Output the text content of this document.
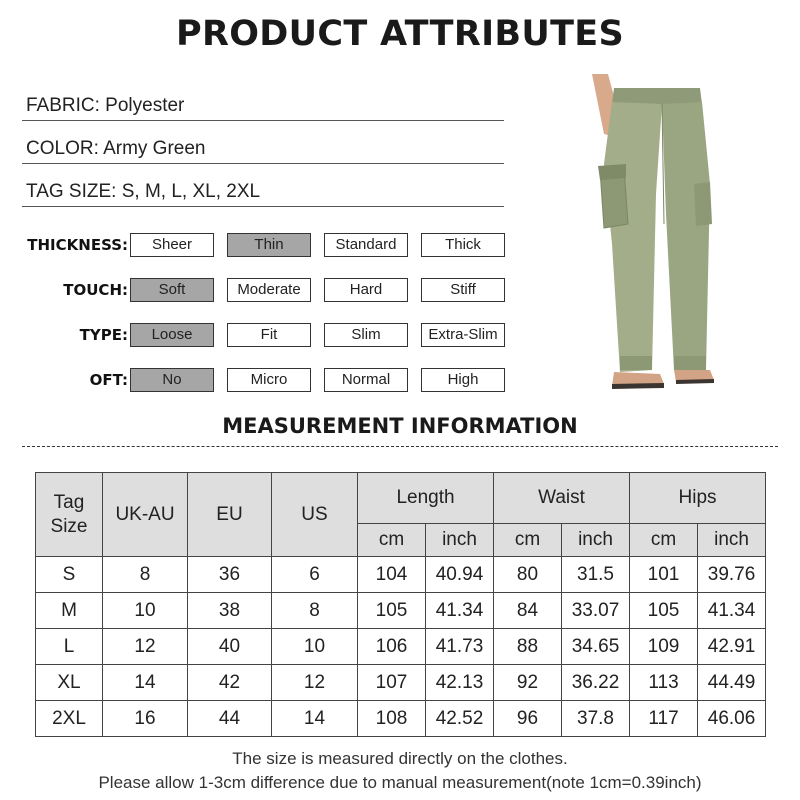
PRODUCT ATTRIBUTES
FABRIC: Polyester
COLOR: Army Green
TAG SIZE: S, M, L, XL, 2XL
THICKNESS:	Sheer	Thin	Standard	Thick
TOUCH:	Soft	Moderate	Hard	Stiff
TYPE:	Loose	Fit	Slim	Extra-Slim
OFT:	No	Micro	Normal	High
MEASUREMENT INFORMATION
Tag Size	UK-AU	EU	US	Length		Waist		Hips	
				cm	inch	cm	inch	cm	inch
S	8	36	6	104	40.94	80	31.5	101	39.76
M	10	38	8	105	41.34	84	33.07	105	41.34
L	12	40	10	106	41.73	88	34.65	109	42.91
XL	14	42	12	107	42.13	92	36.22	113	44.49
2XL	16	44	14	108	42.52	96	37.8	117	46.06
The size is measured directly on the clothes.
Please allow 1-3cm difference due to manual measurement(note 1cm=0.39inch)
